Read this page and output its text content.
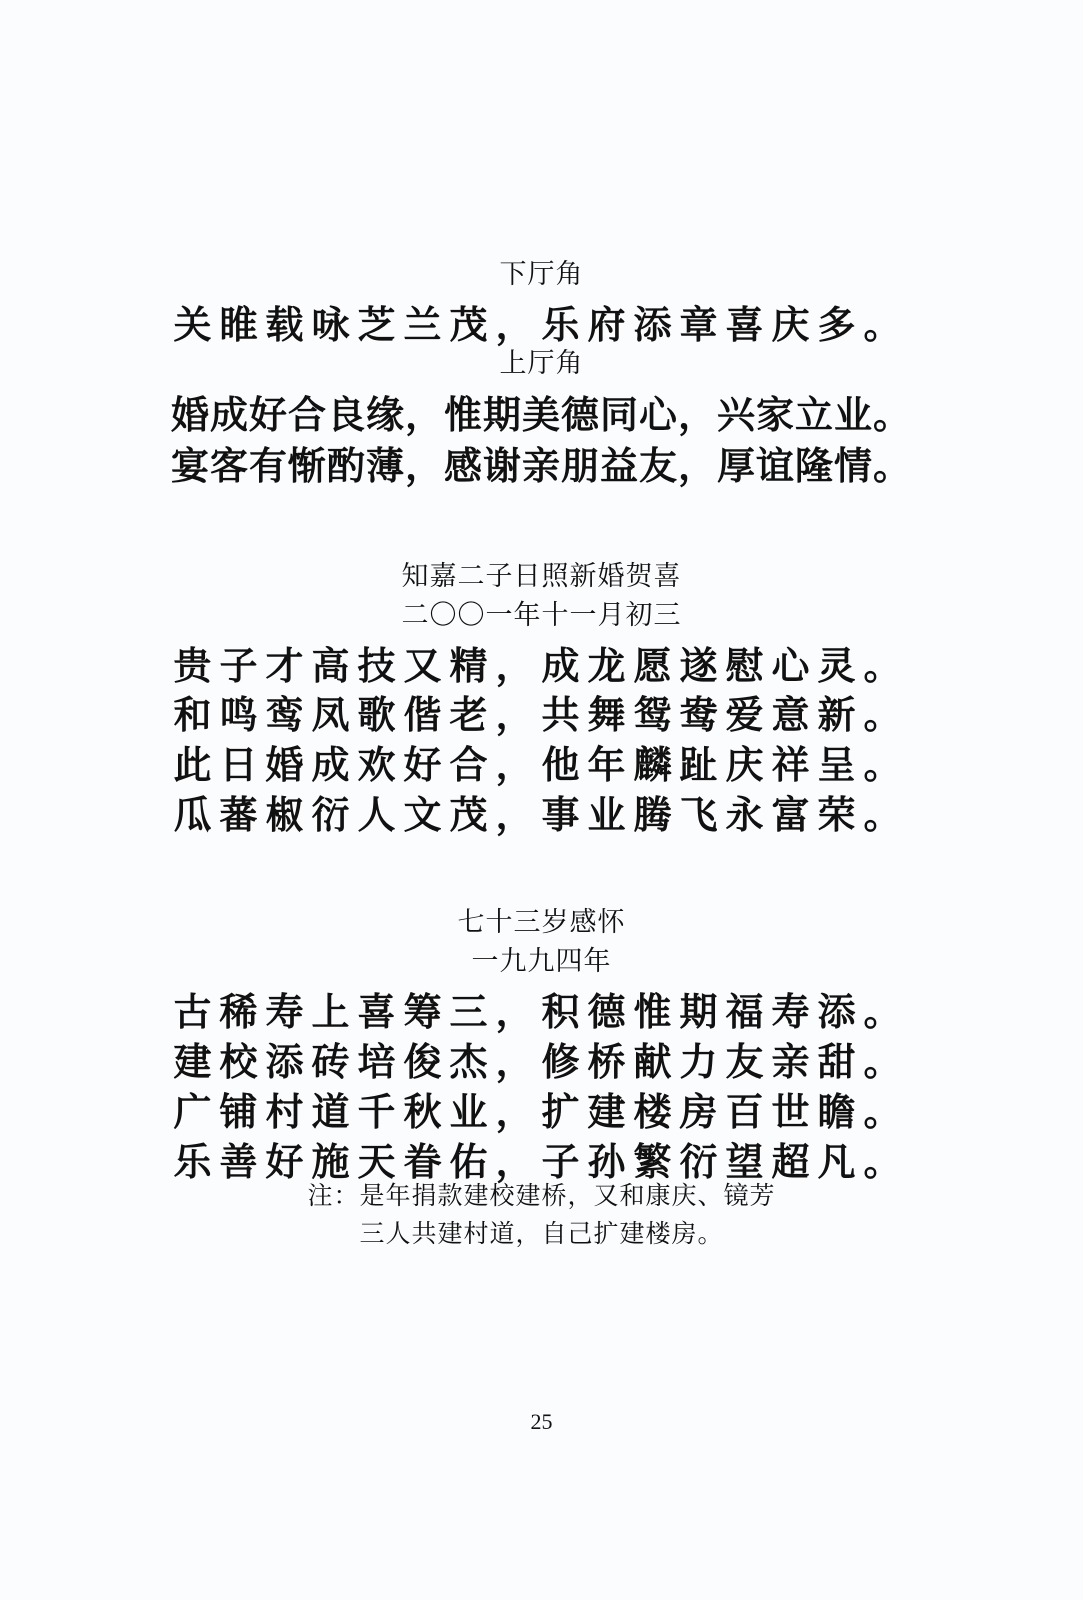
下厅角
关睢载咏芝兰茂，乐府添章喜庆多。
上厅角
婚成好合良缘，惟期美德同心，兴家立业。
宴客有惭酌薄，感谢亲朋益友，厚谊隆情。
知嘉二子日照新婚贺喜
二〇〇一年十一月初三
贵子才高技又精，成龙愿遂慰心灵。
和鸣鸾凤歌偕老，共舞鸳鸯爱意新。
此日婚成欢好合，他年麟趾庆祥呈。
瓜蕃椒衍人文茂，事业腾飞永富荣。
七十三岁感怀
一九九四年
古稀寿上喜筹三，积德惟期福寿添。
建校添砖培俊杰，修桥献力友亲甜。
广铺村道千秋业，扩建楼房百世瞻。
乐善好施天眷佑，子孙繁衍望超凡。
注：是年捐款建校建桥，又和康庆、镜芳
三人共建村道，自己扩建楼房。
25
